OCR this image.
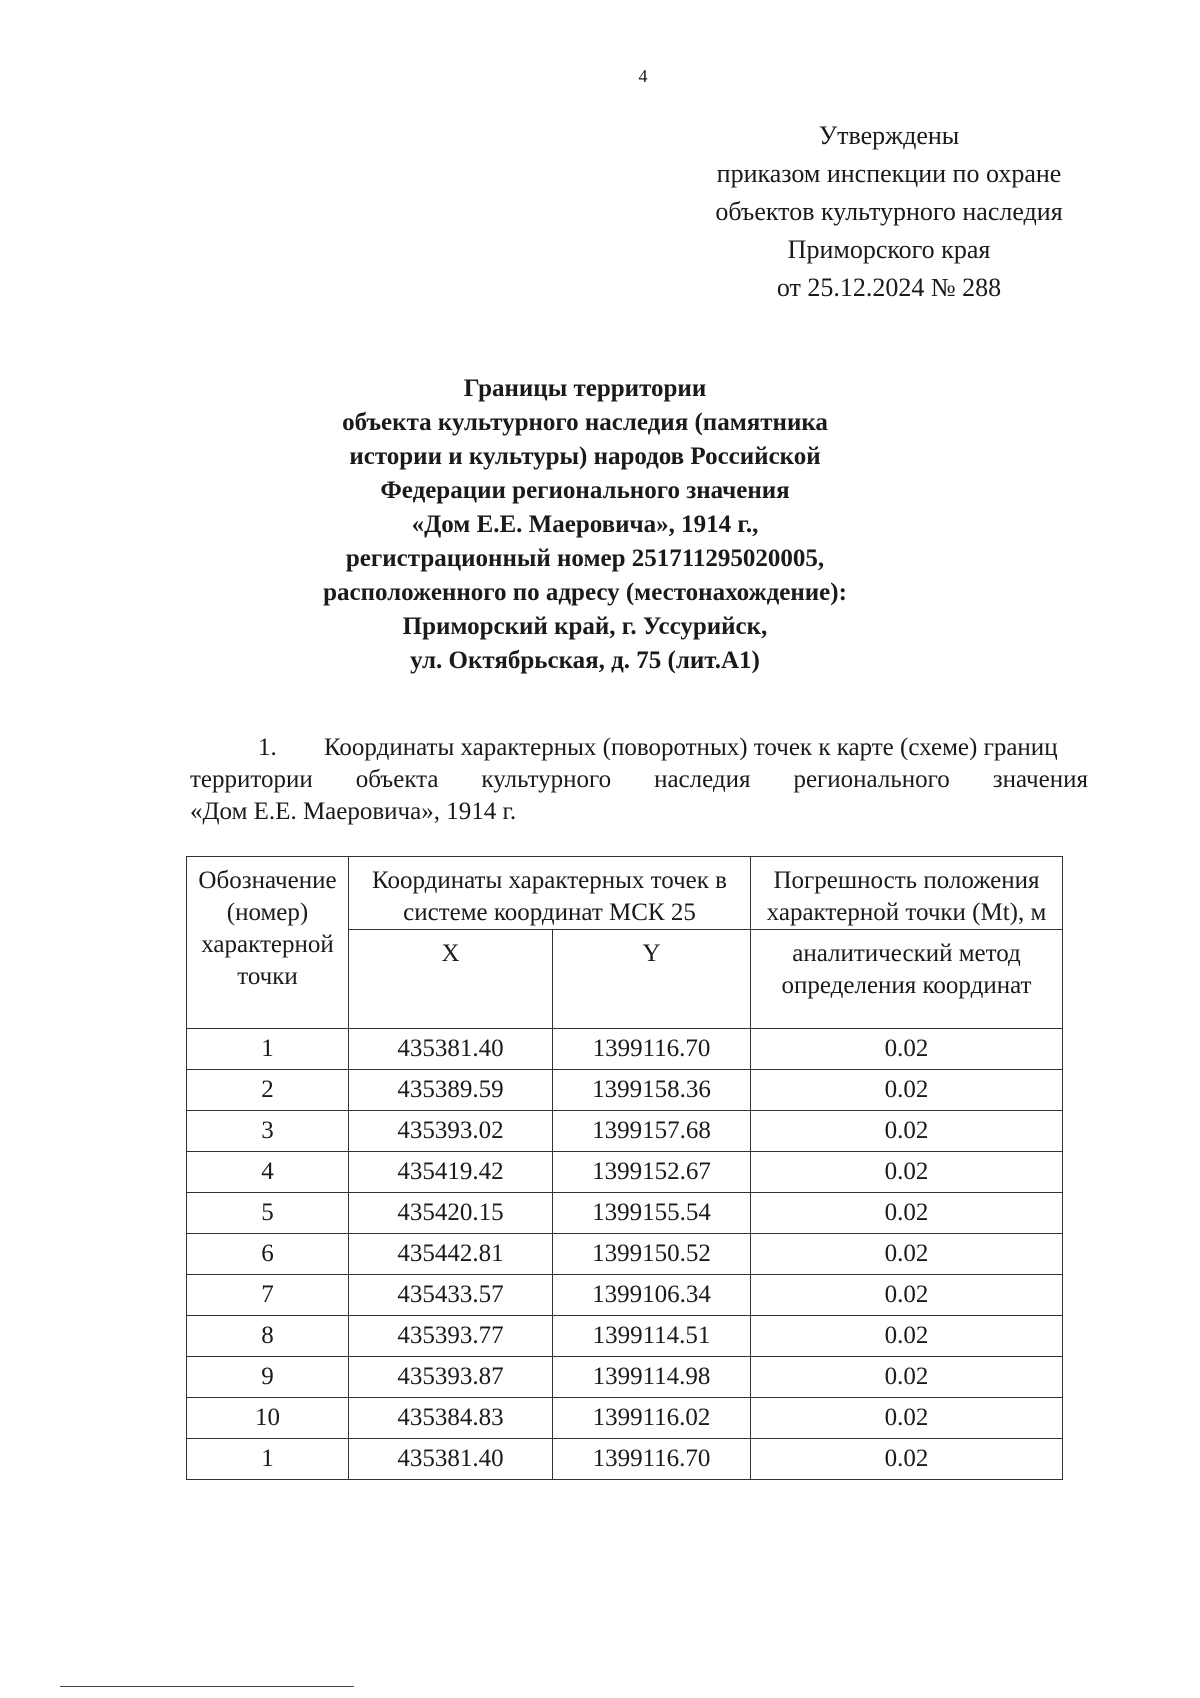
4
Утверждены
приказом инспекции по охране
объектов культурного наследия
Приморского края
от 25.12.2024 № 288
Границы территории
объекта культурного наследия (памятника
истории и культуры) народов Российской
Федерации регионального значения
«Дом Е.Е. Маеровича», 1914 г.,
регистрационный номер 251711295020005,
расположенного по адресу (местонахождение):
Приморский край, г. Уссурийск,
ул. Октябрьская, д. 75 (лит.А1)
1. Координаты характерных (поворотных) точек к карте (схеме) границ
территории объекта культурного наследия регионального значения
«Дом Е.Е. Маеровича», 1914 г.
Обозначение (номер) характерной точки	Координаты характерных точек в системе координат МСК 25		Погрешность положения характерной точки (Mt), м
	X	Y	аналитический метод определения координат
1	435381.40	1399116.70	0.02
2	435389.59	1399158.36	0.02
3	435393.02	1399157.68	0.02
4	435419.42	1399152.67	0.02
5	435420.15	1399155.54	0.02
6	435442.81	1399150.52	0.02
7	435433.57	1399106.34	0.02
8	435393.77	1399114.51	0.02
9	435393.87	1399114.98	0.02
10	435384.83	1399116.02	0.02
1	435381.40	1399116.70	0.02
